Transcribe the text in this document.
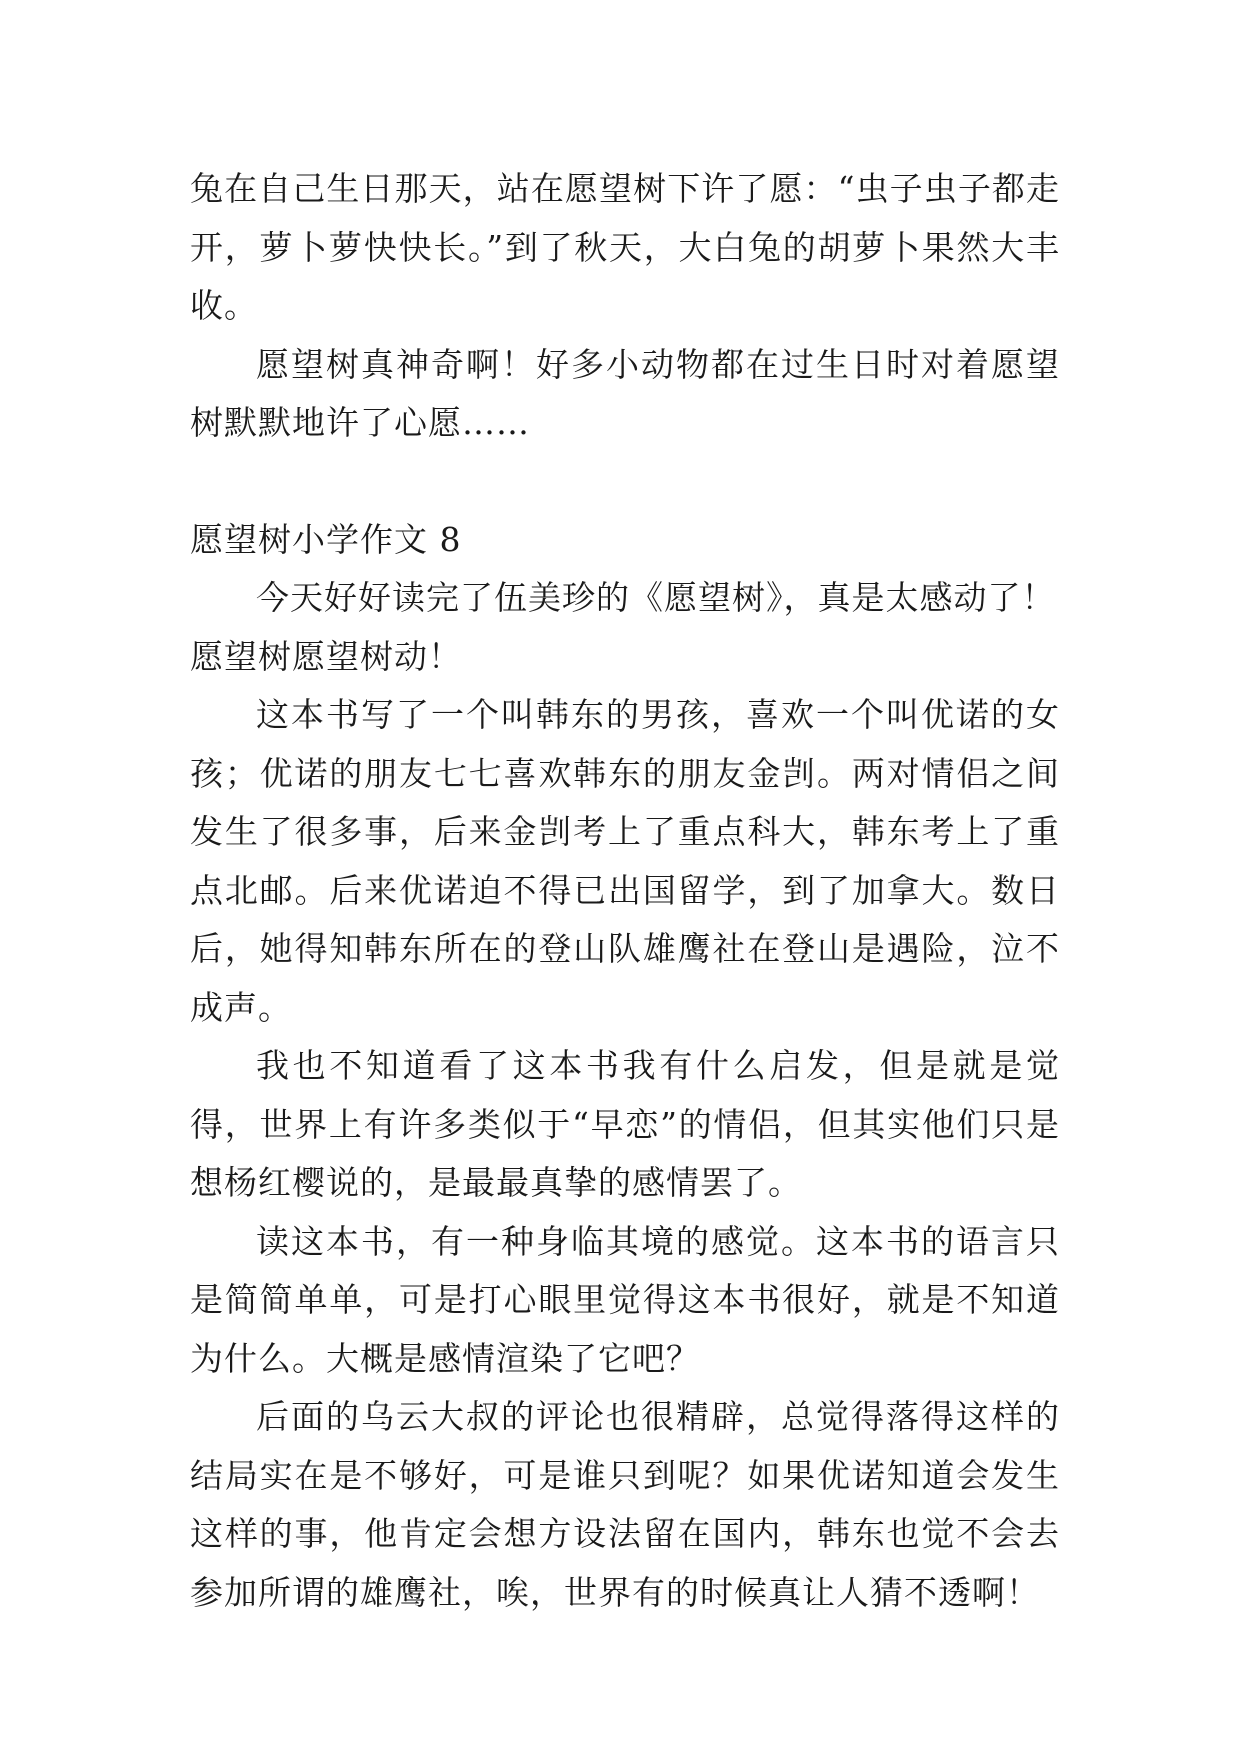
兔在自己生日那天，站在愿望树下许了愿：“虫子虫子都走开，萝卜萝快快长。”到了秋天，大白兔的胡萝卜果然大丰收。

愿望树真神奇啊！好多小动物都在过生日时对着愿望树默默地许了心愿……

愿望树小学作文 8

今天好好读完了伍美珍的《愿望树》，真是太感动了！

愿望树愿望树动！

这本书写了一个叫韩东的男孩，喜欢一个叫优诺的女孩；优诺的朋友七七喜欢韩东的朋友金剀。两对情侣之间发生了很多事，后来金剀考上了重点科大，韩东考上了重点北邮。后来优诺迫不得已出国留学，到了加拿大。数日后，她得知韩东所在的登山队雄鹰社在登山是遇险，泣不成声。

我也不知道看了这本书我有什么启发，但是就是觉得，世界上有许多类似于“早恋”的情侣，但其实他们只是想杨红樱说的，是最最真挚的感情罢了。

读这本书，有一种身临其境的感觉。这本书的语言只是简简单单，可是打心眼里觉得这本书很好，就是不知道为什么。大概是感情渲染了它吧？

后面的乌云大叔的评论也很精辟，总觉得落得这样的结局实在是不够好，可是谁只到呢？如果优诺知道会发生这样的事，他肯定会想方设法留在国内，韩东也觉不会去参加所谓的雄鹰社，唉，世界有的时候真让人猜不透啊！
